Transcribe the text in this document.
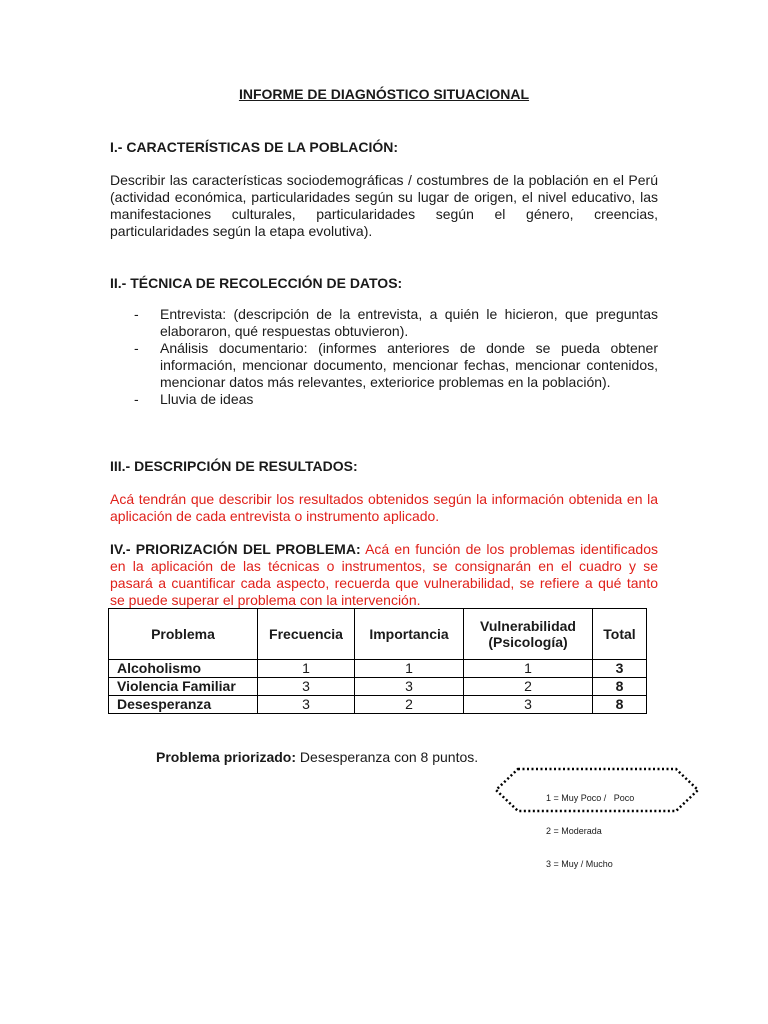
INFORME DE DIAGNÓSTICO SITUACIONAL
I.- CARACTERÍSTICAS DE LA POBLACIÓN:
Describir las características sociodemográficas / costumbres de la población en el Perú (actividad económica, particularidades según su lugar de origen, el nivel educativo, las manifestaciones culturales, particularidades según el género, creencias, particularidades según la etapa evolutiva).
II.- TÉCNICA DE RECOLECCIÓN DE DATOS:
- Entrevista: (descripción de la entrevista, a quién le hicieron, que preguntas elaboraron, qué respuestas obtuvieron).
- Análisis documentario: (informes anteriores de donde se pueda obtener información, mencionar documento, mencionar fechas, mencionar contenidos, mencionar datos más relevantes, exteriorice problemas en la población).
- Lluvia de ideas
III.- DESCRIPCIÓN DE RESULTADOS:
Acá tendrán que describir los resultados obtenidos según la información obtenida en la aplicación de cada entrevista o instrumento aplicado.
IV.- PRIORIZACIÓN DEL PROBLEMA: Acá en función de los problemas identificados en la aplicación de las técnicas o instrumentos, se consignarán en el cuadro y se pasará a cuantificar cada aspecto, recuerda que vulnerabilidad, se refiere a qué tanto se puede superar el problema con la intervención.
Problema	Frecuencia	Importancia	Vulnerabilidad (Psicología)	Total
Alcoholismo	1	1	1	3
Violencia Familiar	3	3	2	8
Desesperanza	3	2	3	8
Problema priorizado: Desesperanza con 8 puntos.

1 = Muy Poco /   Poco

2 = Moderada

3 = Muy / Mucho
